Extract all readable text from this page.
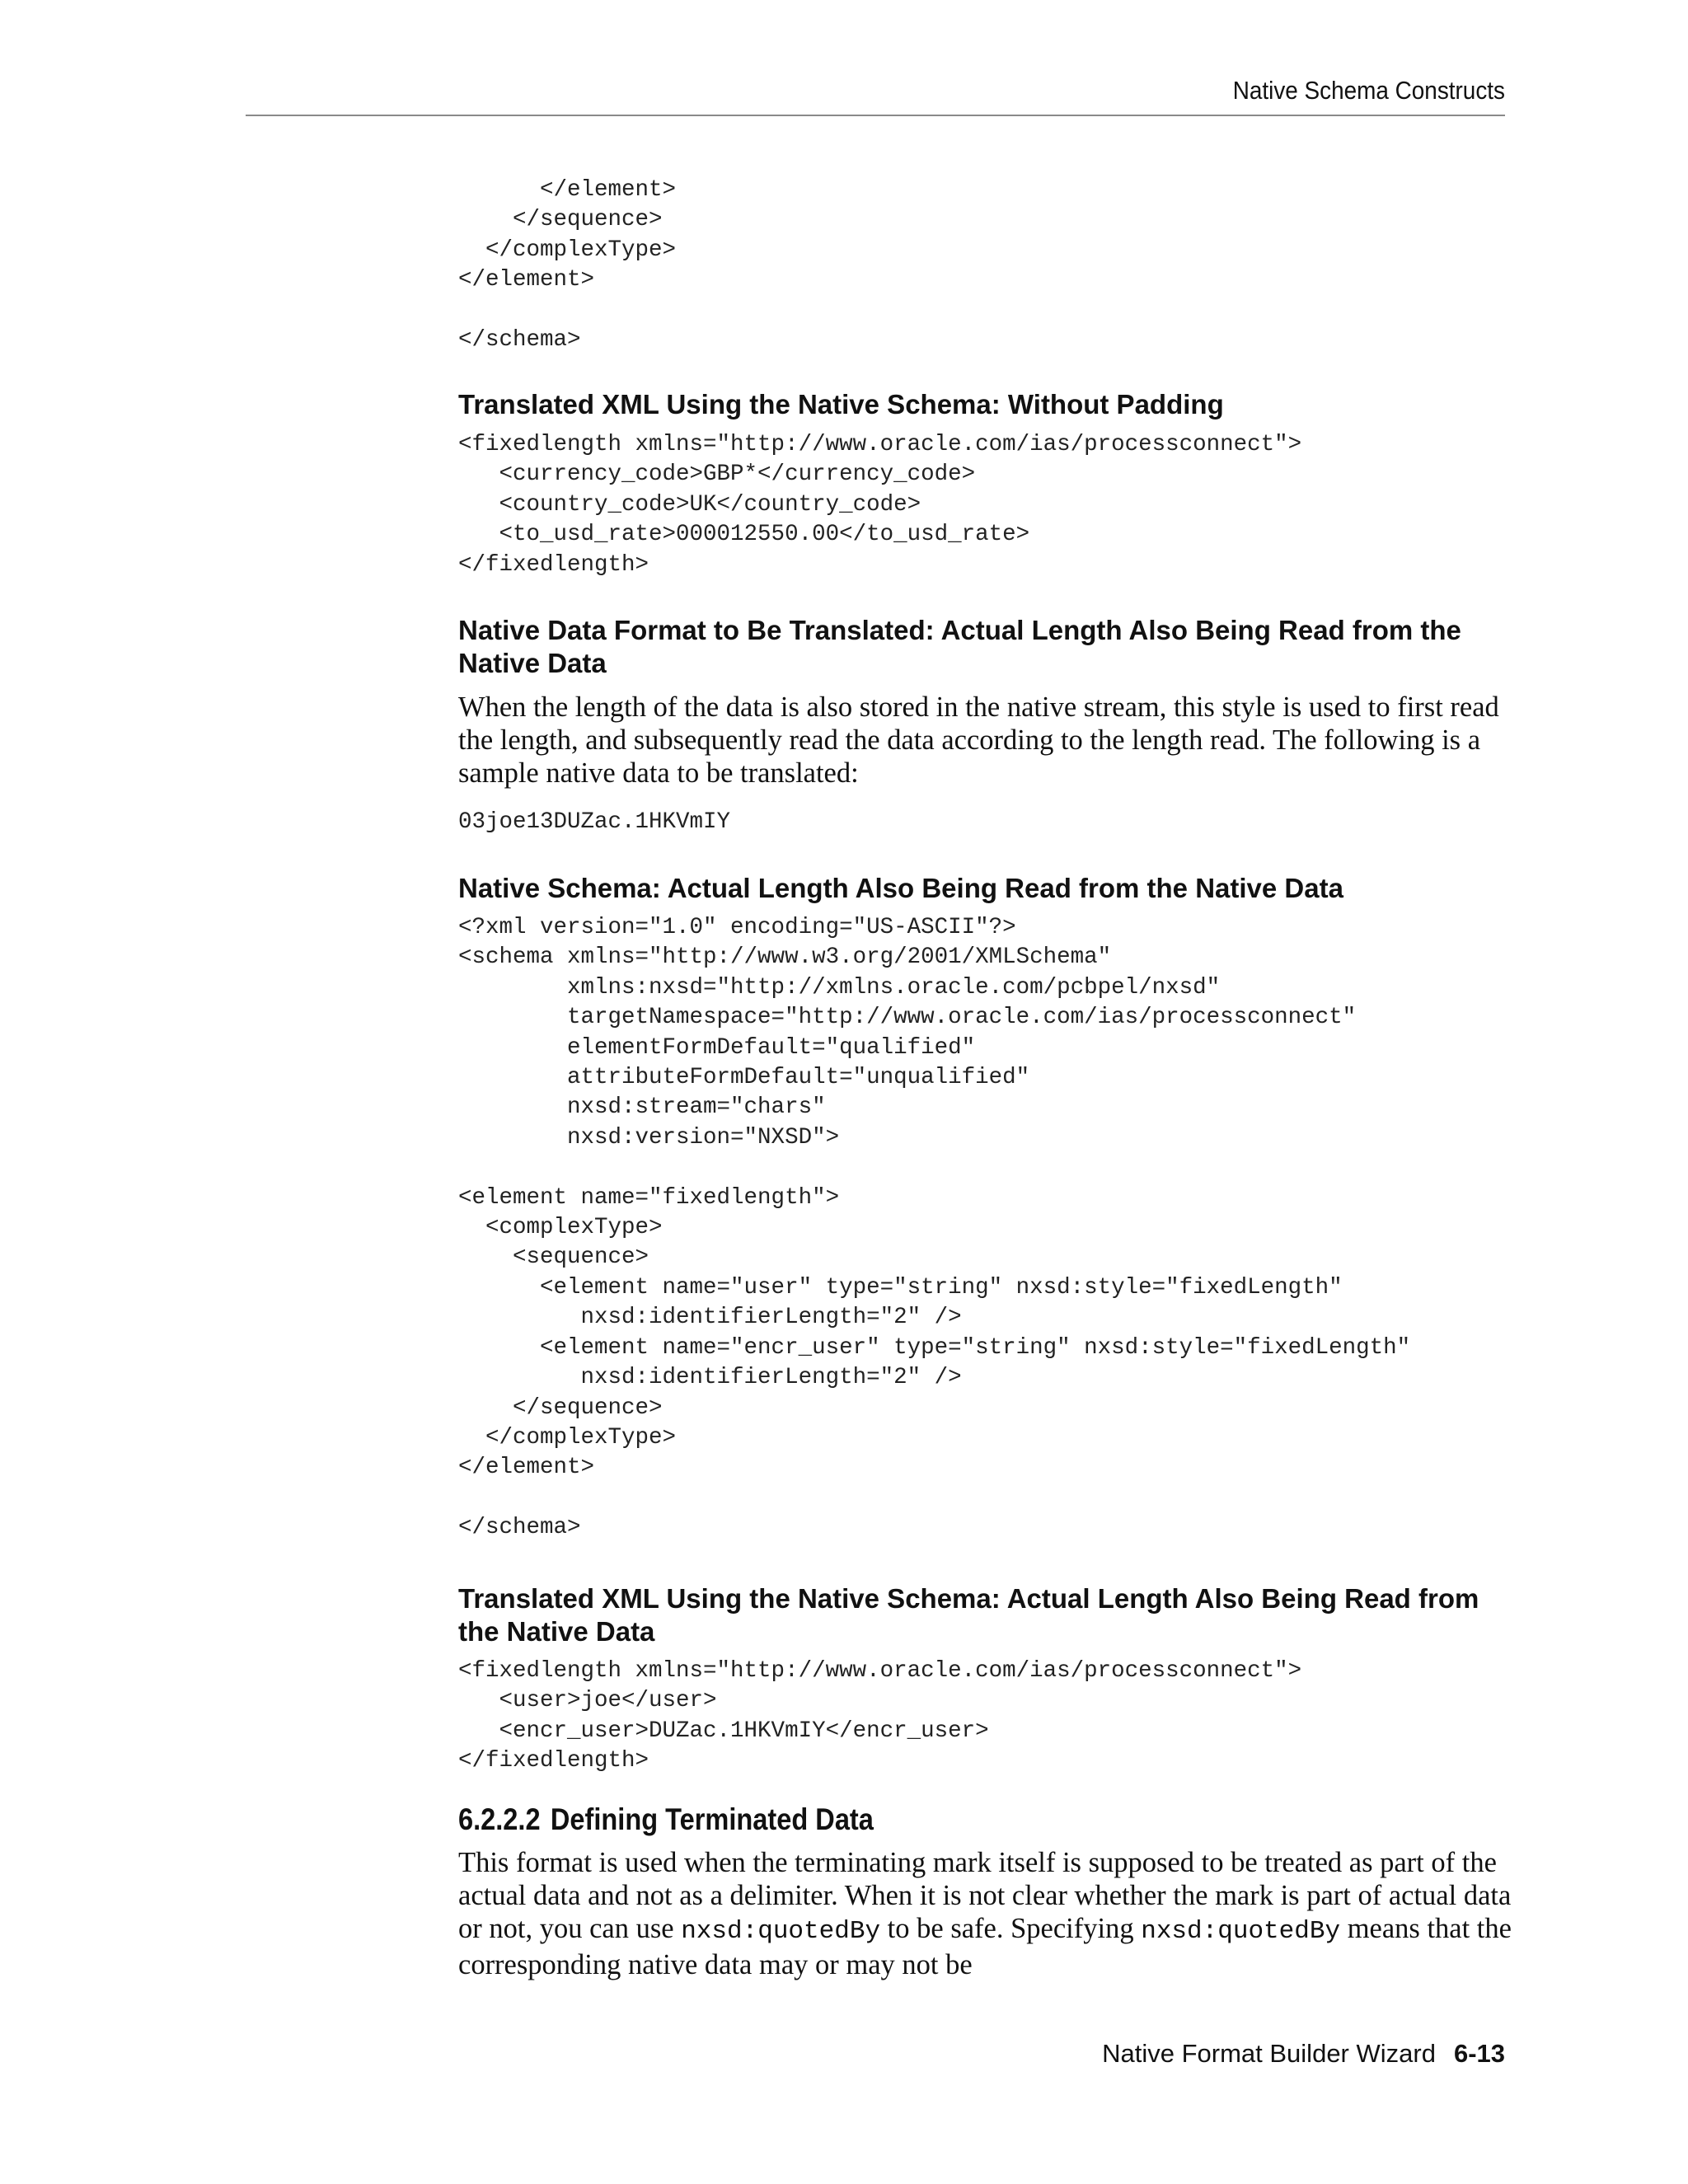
Native Schema Constructs
</element>
</sequence>
</complexType>
</element>

</schema>
Translated XML Using the Native Schema: Without Padding
<fixedlength xmlns="http://www.oracle.com/ias/processconnect">
<currency_code>GBP*</currency_code>
<country_code>UK</country_code>
<to_usd_rate>000012550.00</to_usd_rate>
</fixedlength>
Native Data Format to Be Translated: Actual Length Also Being Read from the Native Data

When the length of the data is also stored in the native stream, this style is used to first read the length, and subsequently read the data according to the length read. The following is a sample native data to be translated:

03joe13DUZac.1HKVmIY
Native Schema: Actual Length Also Being Read from the Native Data
<?xml version="1.0" encoding="US-ASCII"?>
<schema xmlns="http://www.w3.org/2001/XMLSchema"
xmlns:nxsd="http://xmlns.oracle.com/pcbpel/nxsd"
targetNamespace="http://www.oracle.com/ias/processconnect"
elementFormDefault="qualified"
attributeFormDefault="unqualified"
nxsd:stream="chars"
nxsd:version="NXSD">

<element name="fixedlength">
<complexType>
<sequence>
<element name="user" type="string" nxsd:style="fixedLength"
nxsd:identifierLength="2" />
<element name="encr_user" type="string" nxsd:style="fixedLength"
nxsd:identifierLength="2" />
</sequence>
</complexType>
</element>

</schema>
Translated XML Using the Native Schema: Actual Length Also Being Read from the Native Data
<fixedlength xmlns="http://www.oracle.com/ias/processconnect">
<user>joe</user>
<encr_user>DUZac.1HKVmIY</encr_user>
</fixedlength>
6.2.2.2 Defining Terminated Data

This format is used when the terminating mark itself is supposed to be treated as part of the actual data and not as a delimiter. When it is not clear whether the mark is part of actual data or not, you can use nxsd:quotedBy to be safe. Specifying nxsd:quotedBy means that the corresponding native data may or may not be

Native Format Builder Wizard 6-13
